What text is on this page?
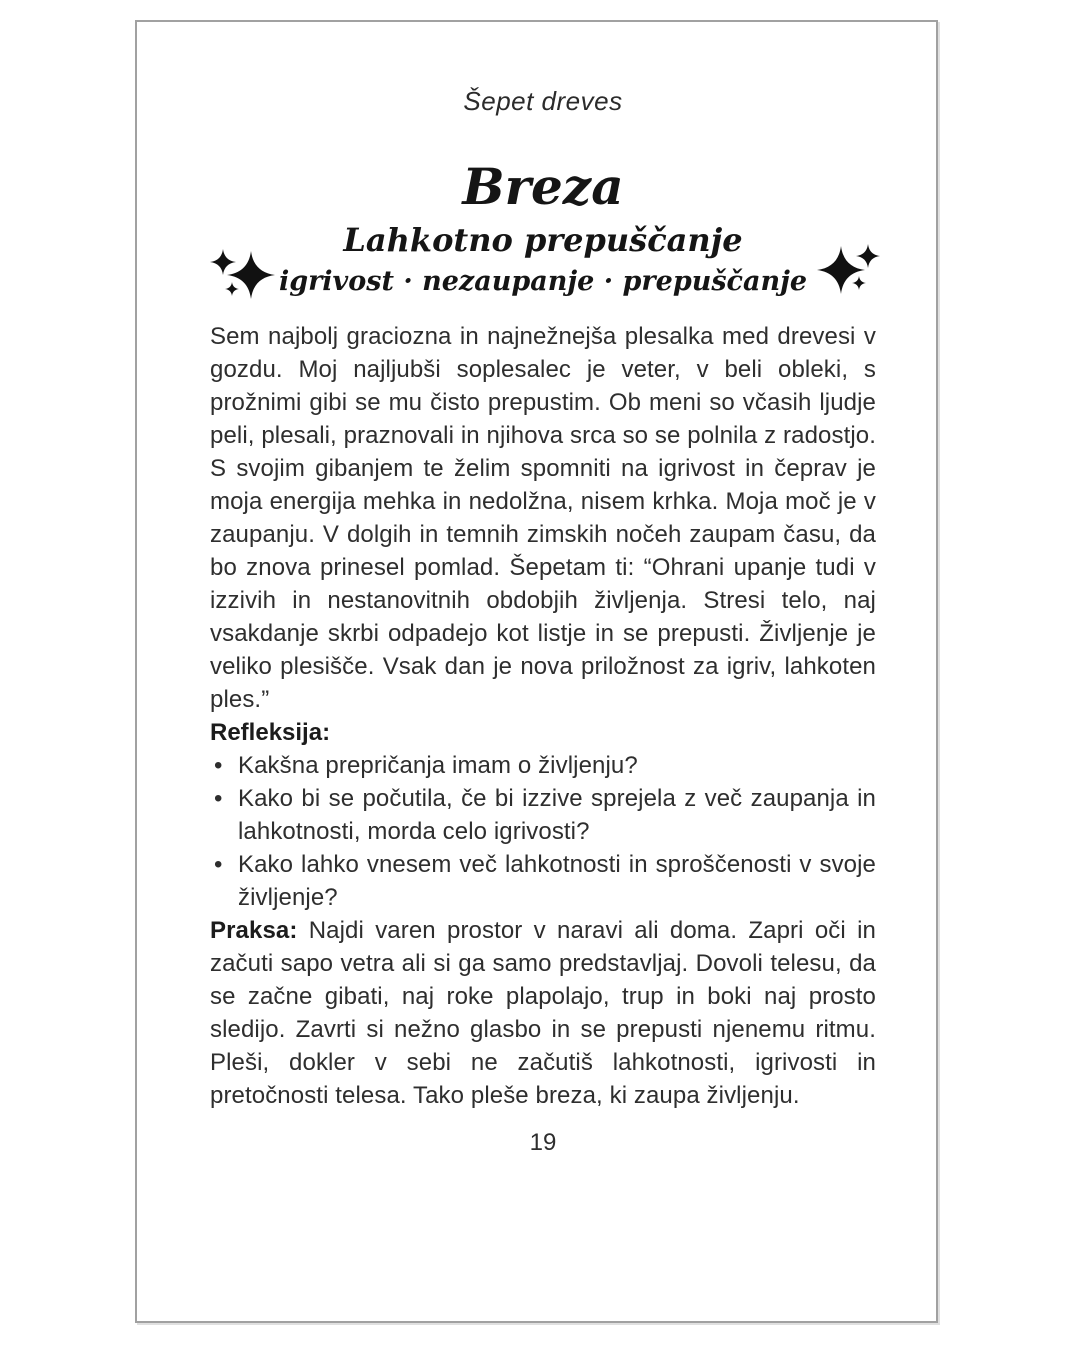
Šepet dreves

Breza
Lahkotno prepuščanje
igrivost · nezaupanje · prepuščanje

Sem najbolj graciozna in najnežnejša plesalka med drevesi v gozdu. Moj najljubši soplesalec je veter, v beli obleki, s prožnimi gibi se mu čisto prepustim. Ob meni so včasih ljudje peli, plesali, praznovali in njihova srca so se polnila z radostjo. S svojim gibanjem te želim spomniti na igrivost in čeprav je moja energija mehka in nedolžna, nisem krhka. Moja moč je v zaupanju. V dolgih in temnih zimskih nočeh zaupam času, da bo znova prinesel pomlad. Šepetam ti: “Ohrani upanje tudi v izzivih in nestanovitnih obdobjih življenja. Stresi telo, naj vsakdanje skrbi odpadejo kot listje in se prepusti. Življenje je veliko plesišče. Vsak dan je nova priložnost za igriv, lahkoten ples.”

Refleksija:

• Kakšna prepričanja imam o življenju?
• Kako bi se počutila, če bi izzive sprejela z več zaupanja in lahkotnosti, morda celo igrivosti?
• Kako lahko vnesem več lahkotnosti in sproščenosti v svoje življenje?

Praksa: Najdi varen prostor v naravi ali doma. Zapri oči in začuti sapo vetra ali si ga samo predstavljaj. Dovoli telesu, da se začne gibati, naj roke plapolajo, trup in boki naj prosto sledijo. Zavrti si nežno glasbo in se prepusti njenemu ritmu. Pleši, dokler v sebi ne začutiš lahkotnosti, igrivosti in pretočnosti telesa. Tako pleše breza, ki zaupa življenju.

19
